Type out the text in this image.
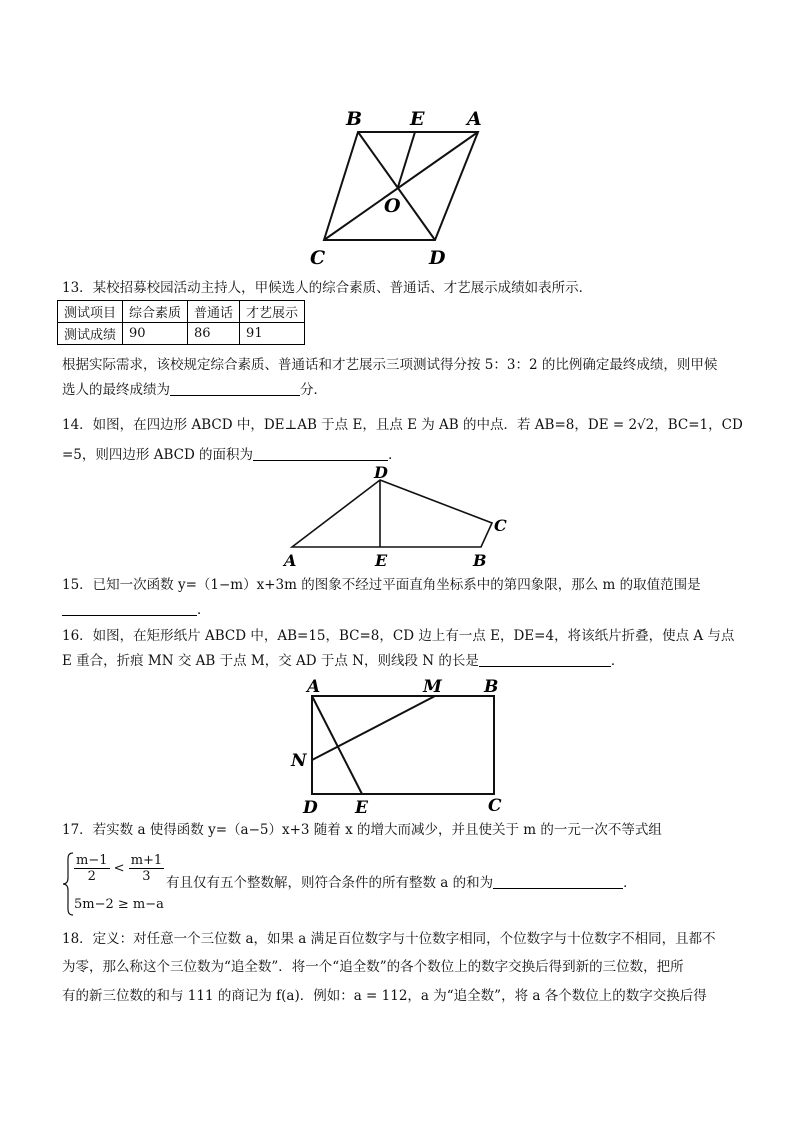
B	E A
O
C	D
13．某校招募校园活动主持人，甲候选人的综合素质、普通话、才艺展示成绩如表所示．
测试项目	综合素质	普通话	才艺展示
测试成绩	90	86	91
根据实际需求，该校规定综合素质、普通话和才艺展示三项测试得分按 5：3：2 的比例确定最终成绩，则甲候
选人的最终成绩为	分．
14．如图，在四边形 ABCD 中，DE⊥AB 于点 E，且点 E 为 AB 的中点．若 AB=8，DE = 2√2，BC=1，CD
=5，则四边形 ABCD 的面积为	．
D
C
A	E	B
15．已知一次函数 y=（1−m）x+3m 的图象不经过平面直角坐标系中的第四象限，那么 m 的取值范围是
．
16．如图，在矩形纸片 ABCD 中，AB=15，BC=8，CD 边上有一点 E，DE=4，将该纸片折叠，使点 A 与点
E 重合，折痕 MN 交 AB 于点 M，交 AD 于点 N，则线段 N 的长是	．
A	M B
N
D E	C
17．若实数 a 使得函数 y=（a−5）x+3 随着 x 的增大而减少，并且使关于 m 的一元一次不等式组
$\frac{m-1}{2} < \frac{m+1}{3}$ 有且仅有五个整数解，则符合条件的所有整数 a 的和为	．
5m−2 ≥ m−a
18．定义：对任意一个三位数 a，如果 a 满足百位数字与十位数字相同，个位数字与十位数字不相同，且都不
为零，那么称这个三位数为“追全数”．将一个“追全数”的各个数位上的数字交换后得到新的三位数，把所
有的新三位数的和与 111 的商记为 f(a)．例如：a = 112，a 为“追全数”，将 a 各个数位上的数字交换后得
